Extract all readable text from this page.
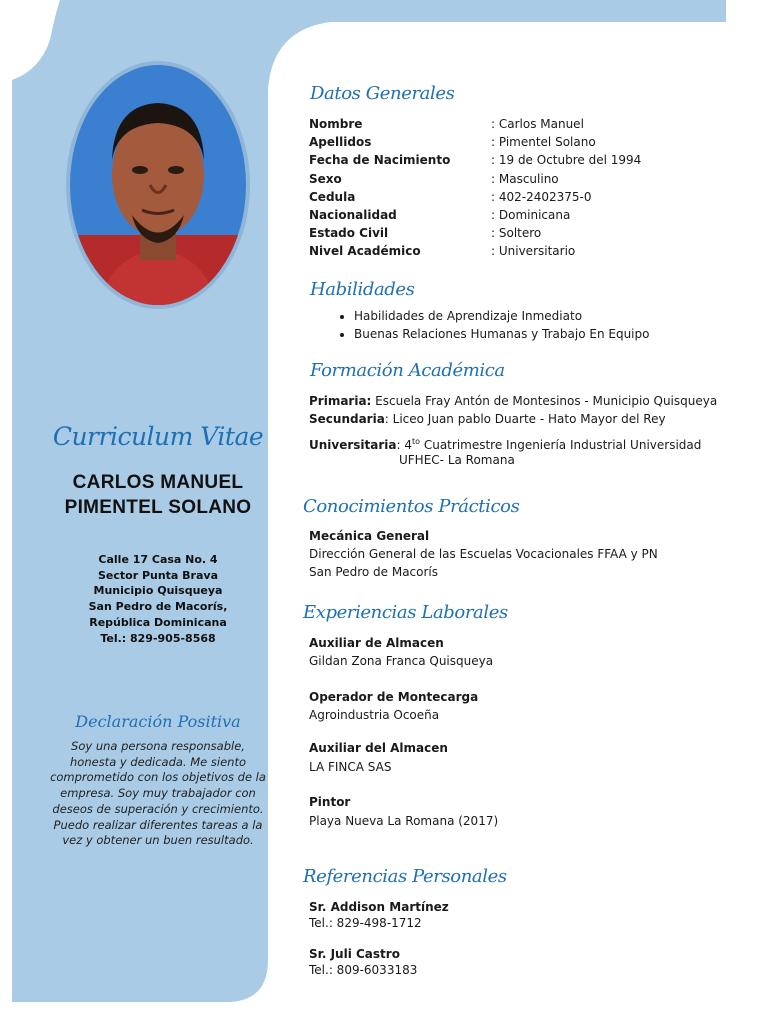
Curriculum Vitae
CARLOS MANUEL
PIMENTEL SOLANO
Calle 17 Casa No. 4
Sector Punta Brava
Municipio Quisqueya
San Pedro de Macorís,
República Dominicana
Tel.: 829-905-8568
Declaración Positiva
Soy una persona responsable, honesta y dedicada. Me siento comprometido con los objetivos de la empresa. Soy muy trabajador con deseos de superación y crecimiento. Puedo realizar diferentes tareas a la vez y obtener un buen resultado.
Datos Generales
Nombre	: Carlos Manuel
Apellidos	: Pimentel Solano
Fecha de Nacimiento	: 19 de Octubre del 1994
Sexo	: Masculino
Cedula	: 402-2402375-0
Nacionalidad	: Dominicana
Estado Civil	: Soltero
Nivel Académico	: Universitario
Habilidades
• Habilidades de Aprendizaje Inmediato
• Buenas Relaciones Humanas y Trabajo En Equipo
Formación Académica
Primaria: Escuela Fray Antón de Montesinos - Municipio Quisqueya
Secundaria: Liceo Juan pablo Duarte - Hato Mayor del Rey
Universitaria: $4^{to}$ Cuatrimestre Ingeniería Industrial Universidad
UFHEC- La Romana
Conocimientos Prácticos
Mecánica General
Dirección General de las Escuelas Vocacionales FFAA y PN
San Pedro de Macorís
Experiencias Laborales
Auxiliar de Almacen
Gildan Zona Franca Quisqueya
Operador de Montecarga
Agroindustria Ocoeña
Auxiliar del Almacen
LA FINCA SAS
Pintor
Playa Nueva La Romana (2017)
Referencias Personales
Sr. Addison Martínez
Tel.: 829-498-1712
Sr. Juli Castro
Tel.: 809-6033183
